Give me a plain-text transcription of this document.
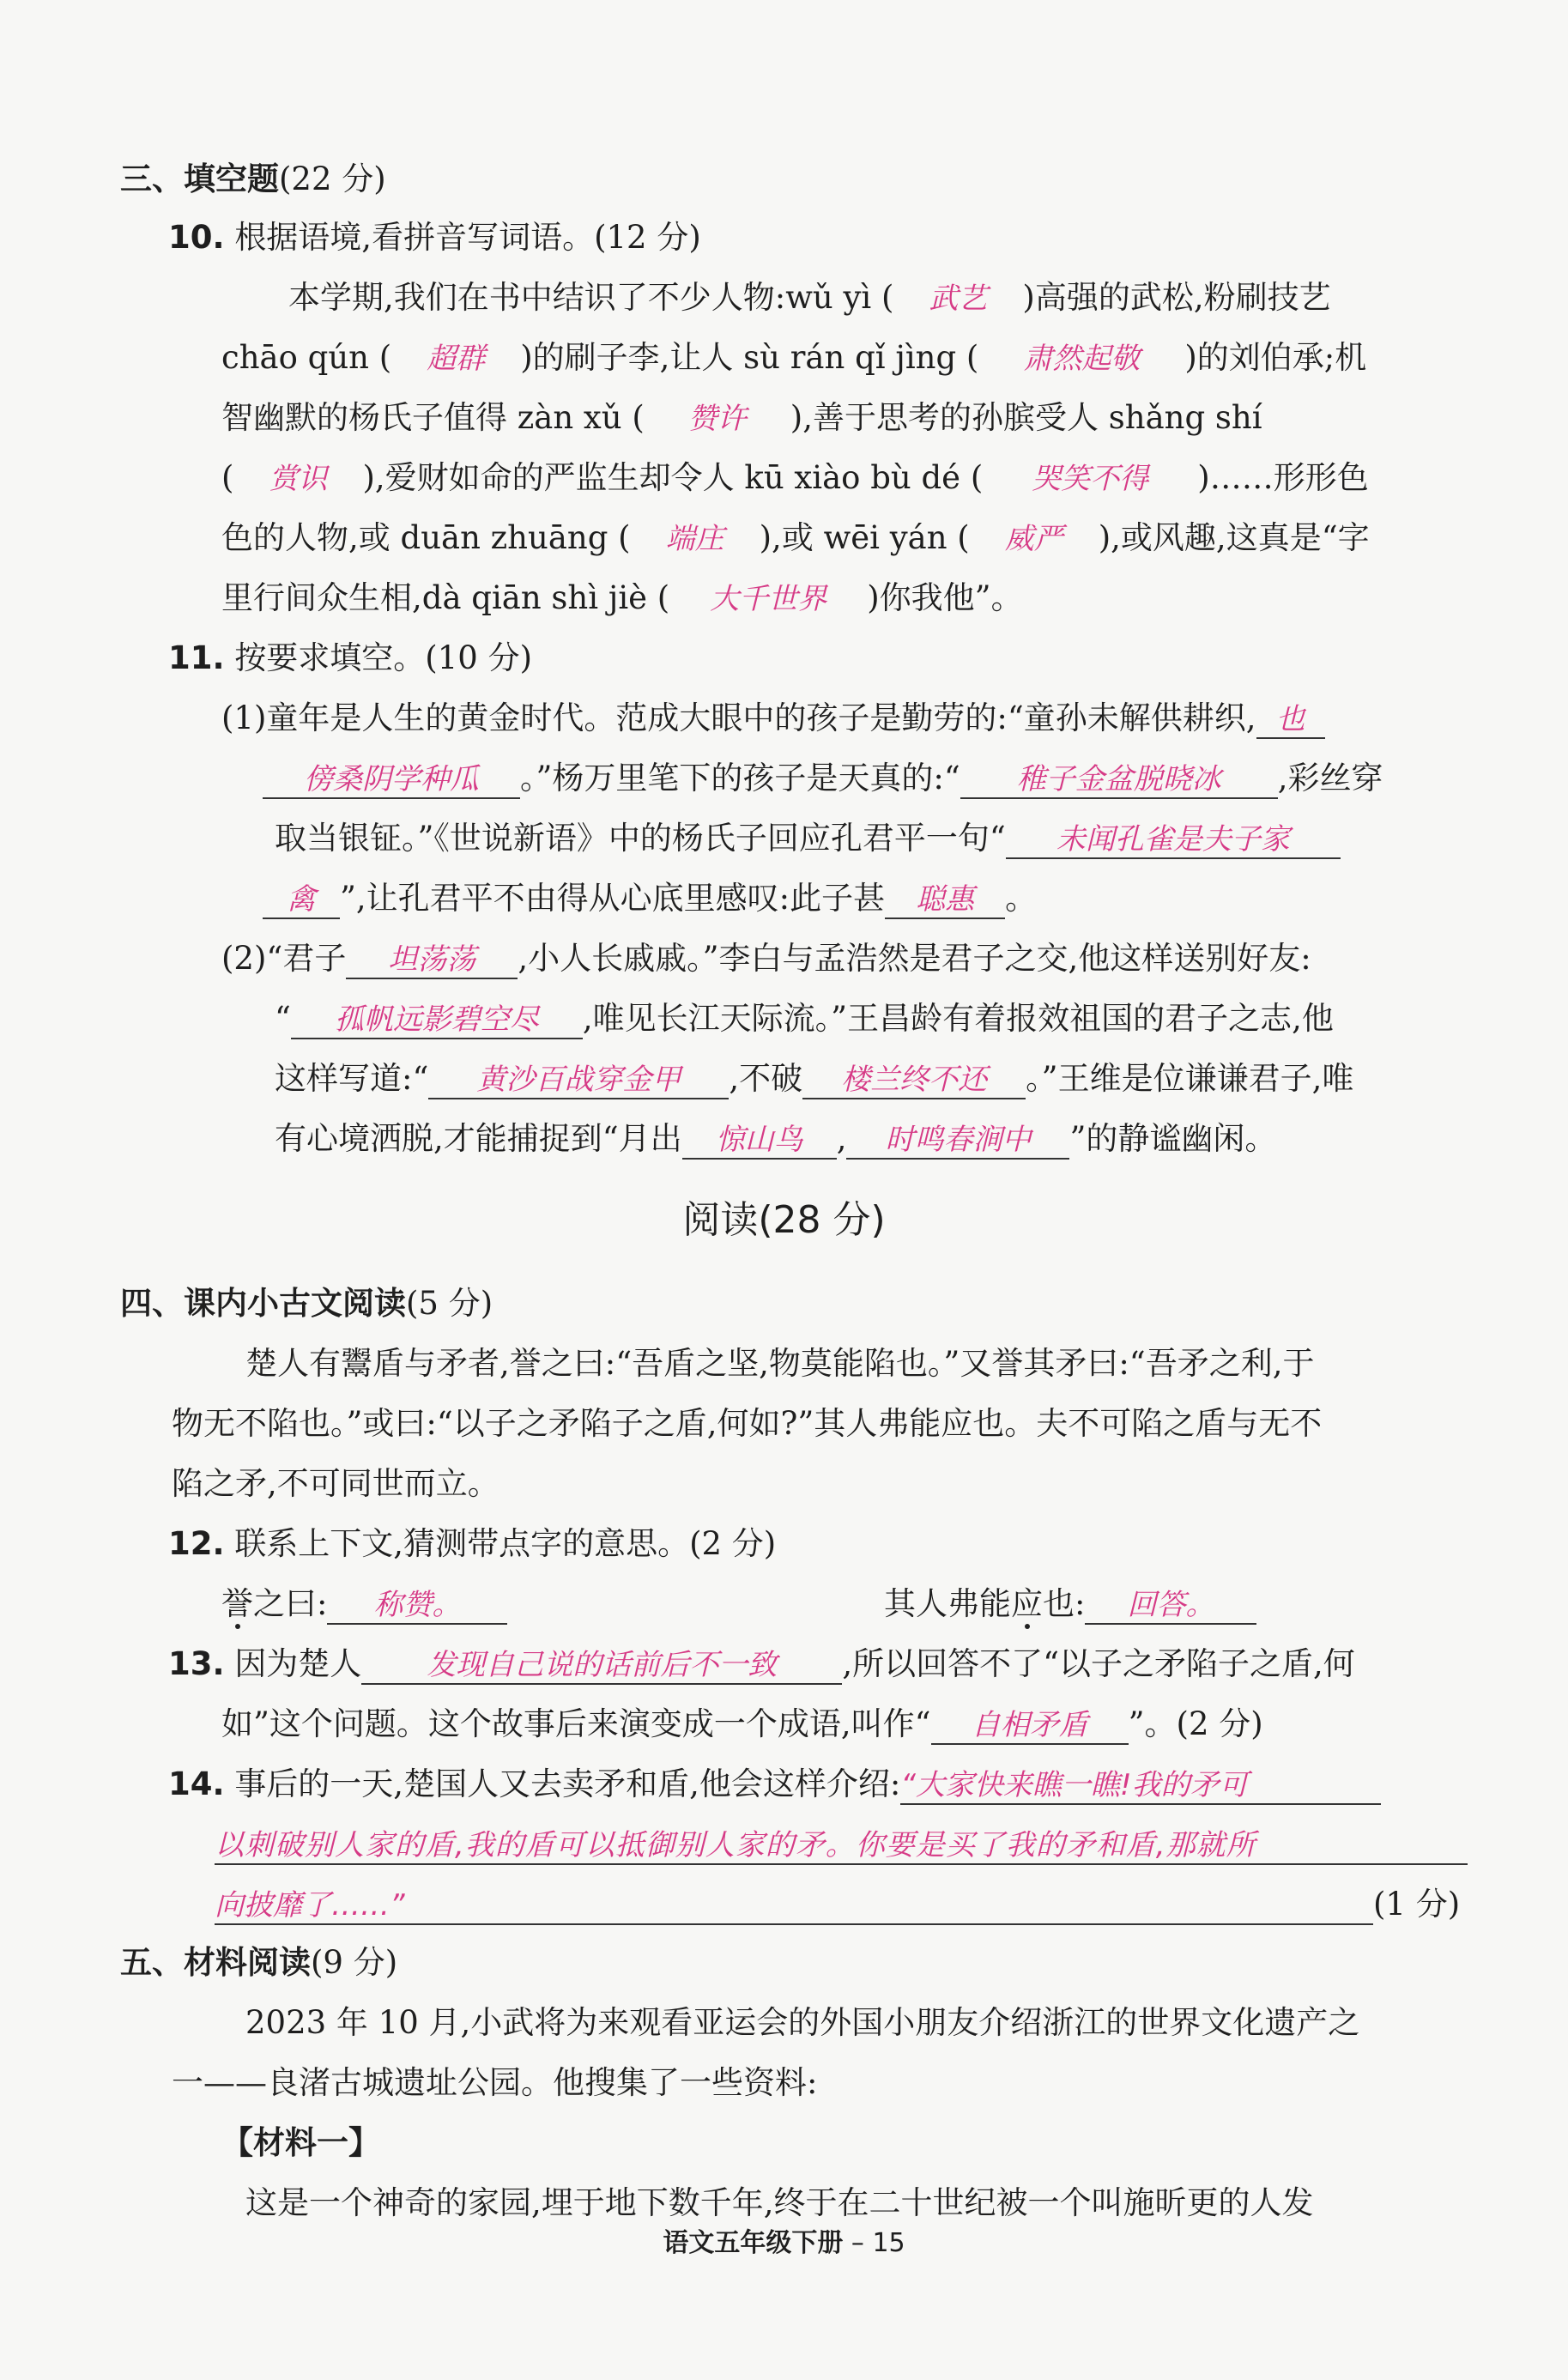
三、填空题(22 分)
10. 根据语境,看拼音写词语。(12 分)
本学期,我们在书中结识了不少人物:wǔ yì ( 武艺 )高强的武松,粉刷技艺
chāo qún ( 超群 )的刷子李,让人 sù rán qǐ jìng ( 肃然起敬 )的刘伯承;机
智幽默的杨氏子值得 zàn xǔ ( 赞许 ),善于思考的孙膑受人 shǎng shí
( 赏识 ),爱财如命的严监生却令人 kū xiào bù dé ( 哭笑不得 )……形形色
色的人物,或 duān zhuāng ( 端庄 ),或 wēi yán ( 威严 ),或风趣,这真是“字
里行间众生相,dà qiān shì jiè ( 大千世界 )你我他”。
11. 按要求填空。(10 分)
(1)童年是人生的黄金时代。范成大眼中的孩子是勤劳的:“童孙未解供耕织, 也
傍桑阴学种瓜 。”杨万里笔下的孩子是天真的:“ 稚子金盆脱晓冰 ,彩丝穿
取当银钲。”《世说新语》中的杨氏子回应孔君平一句“ 未闻孔雀是夫子家
禽 ”,让孔君平不由得从心底里感叹:此子甚 聪惠 。
(2)“君子 坦荡荡 ,小人长戚戚。”李白与孟浩然是君子之交,他这样送别好友:
“ 孤帆远影碧空尽 ,唯见长江天际流。”王昌龄有着报效祖国的君子之志,他
这样写道:“ 黄沙百战穿金甲 ,不破 楼兰终不还 。”王维是位谦谦君子,唯
有心境洒脱,才能捕捉到“月出 惊山鸟 , 时鸣春涧中 ”的静谧幽闲。
阅读(28 分)
四、课内小古文阅读(5 分)
楚人有鬻盾与矛者,誉之曰:“吾盾之坚,物莫能陷也。”又誉其矛曰:“吾矛之利,于
物无不陷也。”或曰:“以子之矛陷子之盾,何如?”其人弗能应也。夫不可陷之盾与无不
陷之矛,不可同世而立。
12. 联系上下文,猜测带点字的意思。(2 分)
誉之曰: 称赞。	其人弗能应也: 回答。
13. 因为楚人 发现自己说的话前后不一致 ,所以回答不了“以子之矛陷子之盾,何
如”这个问题。这个故事后来演变成一个成语,叫作“ 自相矛盾 ”。(2 分)
14. 事后的一天,楚国人又去卖矛和盾,他会这样介绍:“大家快来瞧一瞧!我的矛可
以刺破别人家的盾,我的盾可以抵御别人家的矛。你要是买了我的矛和盾,那就所
向披靡了……”	(1 分)
五、材料阅读(9 分)
2023 年 10 月,小武将为来观看亚运会的外国小朋友介绍浙江的世界文化遗产之
一——良渚古城遗址公园。他搜集了一些资料:
【材料一】
这是一个神奇的家园,埋于地下数千年,终于在二十世纪被一个叫施昕更的人发
语文五年级下册 – 15
